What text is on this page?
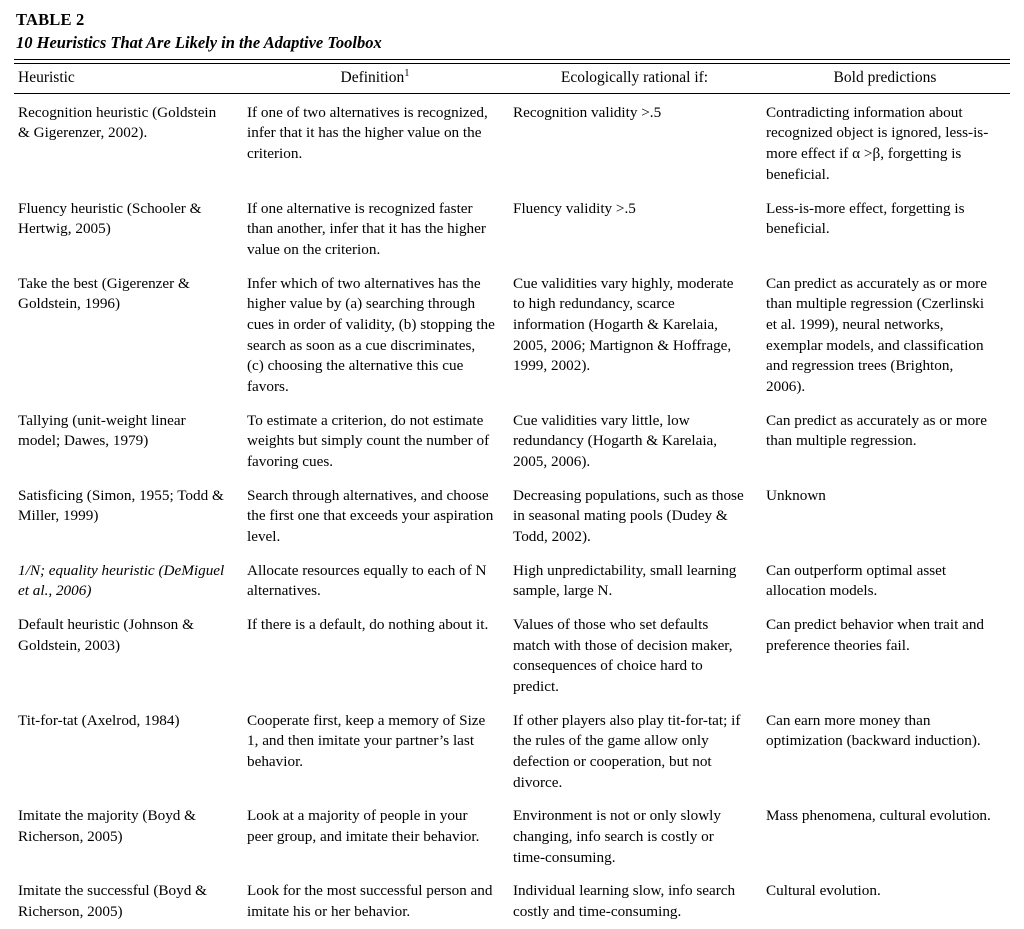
TABLE 2
10 Heuristics That Are Likely in the Adaptive Toolbox

Heuristic	Definition$^1$	Ecologically rational if:	Bold predictions
Recognition heuristic (Goldstein & Gigerenzer, 2002).	If one of two alternatives is recognized, infer that it has the higher value on the criterion.	Recognition validity >.5	Contradicting information about recognized object is ignored, less-is-more effect if α >β, forgetting is beneficial.
Fluency heuristic (Schooler & Hertwig, 2005)	If one alternative is recognized faster than another, infer that it has the higher value on the criterion.	Fluency validity >.5	Less-is-more effect, forgetting is beneficial.
Take the best (Gigerenzer & Goldstein, 1996)	Infer which of two alternatives has the higher value by (a) searching through cues in order of validity, (b) stopping the search as soon as a cue discriminates, (c) choosing the alternative this cue favors.	Cue validities vary highly, moderate to high redundancy, scarce information (Hogarth & Karelaia, 2005, 2006; Martignon & Hoffrage, 1999, 2002).	Can predict as accurately as or more than multiple regression (Czerlinski et al. 1999), neural networks, exemplar models, and classification and regression trees (Brighton, 2006).
Tallying (unit-weight linear model; Dawes, 1979)	To estimate a criterion, do not estimate weights but simply count the number of favoring cues.	Cue validities vary little, low redundancy (Hogarth & Karelaia, 2005, 2006).	Can predict as accurately as or more than multiple regression.
Satisficing (Simon, 1955; Todd & Miller, 1999)	Search through alternatives, and choose the first one that exceeds your aspiration level.	Decreasing populations, such as those in seasonal mating pools (Dudey & Todd, 2002).	Unknown
1/N; equality heuristic (DeMiguel et al., 2006)	Allocate resources equally to each of N alternatives.	High unpredictability, small learning sample, large N.	Can outperform optimal asset allocation models.
Default heuristic (Johnson & Goldstein, 2003)	If there is a default, do nothing about it.	Values of those who set defaults match with those of decision maker, consequences of choice hard to predict.	Can predict behavior when trait and preference theories fail.
Tit-for-tat (Axelrod, 1984)	Cooperate first, keep a memory of Size 1, and then imitate your partner’s last behavior.	If other players also play tit-for-tat; if the rules of the game allow only defection or cooperation, but not divorce.	Can earn more money than optimization (backward induction).
Imitate the majority (Boyd & Richerson, 2005)	Look at a majority of people in your peer group, and imitate their behavior.	Environment is not or only slowly changing, info search is costly or time-consuming.	Mass phenomena, cultural evolution.
Imitate the successful (Boyd & Richerson, 2005)	Look for the most successful person and imitate his or her behavior.	Individual learning slow, info search costly and time-consuming.	Cultural evolution.
